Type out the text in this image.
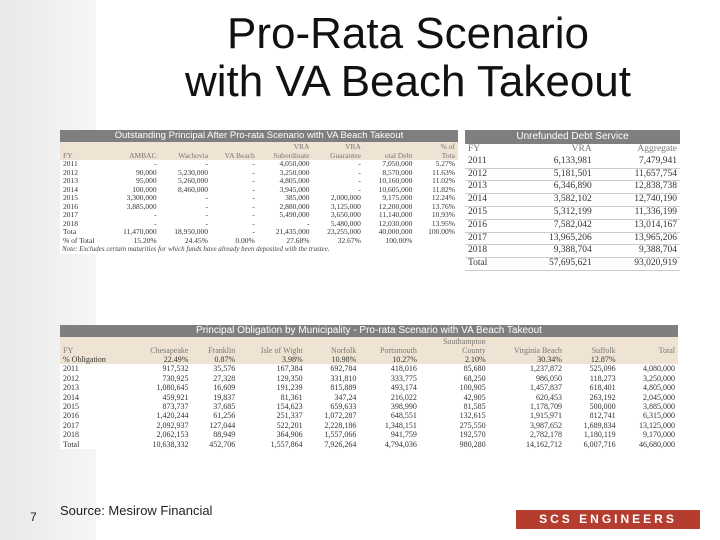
Pro-Rata Scenario
with VA Beach Takeout
Outstanding Principal After Pro-rata Scenario with VA Beach Takeout
				VRA	VRA		% of
FY	AMBAC	Wachovia	VA Beach	Subordinate	Guarantee	otal Debt	Tota
2011	-	-	-	4,050,000	-	7,050,000	5.27%
2012	90,000	5,230,000	-	3,250,000	-	8,570,000	11.63%
2013	95,000	5,260,000	-	4,805,000	-	10,160,000	11.02%
2014	100,000	8,460,000	-	3,945,000	-	10,605,000	11.82%
2015	3,300,000	-	-	385,000	2,000,000	9,175,000	12.24%
2016	3,885,000	-	-	2,880,000	3,125,000	12,200,000	13.76%
2017	-	-	-	5,490,000	3,650,000	11,140,000	10.93%
2018	-	-	-	-	5,480,000	12,030,000	13.95%
Tota	11,470,000	18,950,000	-	21,435,000	23,255,000	40,000,000	100.00%
% of Total	15.20%	24.45%	0.00%	27.68%	32.67%	100.00%	
Note: Excludes certain maturities for which funds have already been deposited with the trustee.
Unrefunded Debt Service
FY	VRA	Aggregate
2011	6,133,981	7,479,941
2012	5,181,501	11,657,754
2013	6,346,890	12,838,738
2014	3,582,102	12,740,190
2015	5,312,199	11,336,199
2016	7,582,042	13,014,167
2017	13,965,206	13,965,206
2018	9,388,704	9,388,704
Total	57,695,621	93,020,919
Principal Obligation by Municipality - Pro-rata Scenario with VA Beach Takeout
						Southampton			
FY	Chesapeake	Franklin	Isle of Wight	Norfolk	Portsmouth	County	Virginia Beach	Suffolk	Total
% Obligation	22.49%	0.87%	3.98%	10.98%	10.27%	2.10%	30.34%	12.87%	
2011	917,532	35,576	167,384	692,784	418,016	85,680	1,237,872	525,096	4,080,000
2012	730,925	27,328	129,350	331,810	333,775	68,250	986,050	118,273	3,250,000
2013	1,080,645	16,609	191,239	815,889	493,174	100,905	1,457,837	618,401	4,805,000
2014	459,921	19,837	81,361	347,24	216,022	42,905	620,453	263,192	2,045,000
2015	873,737	37,685	154,623	659,633	398,990	81,585	1,178,709	500,000	3,885,000
2016	1,420,244	61,256	251,337	1,072,287	648,551	132,615	1,915,971	812,741	6,315,000
2017	2,092,937	127,044	522,201	2,228,186	1,348,151	275,550	3,987,652	1,689,834	13,125,000
2018	2,062,153	88,949	364,906	1,557,066	941,759	192,570	2,782,178	1,180,119	9,170,000
Total	10,638,332	452,706	1,557,864	7,926,264	4,794,036	980,280	14,162,712	6,007,716	46,680,000
7 Source: Mesirow Financial
SCS ENGINEERS
